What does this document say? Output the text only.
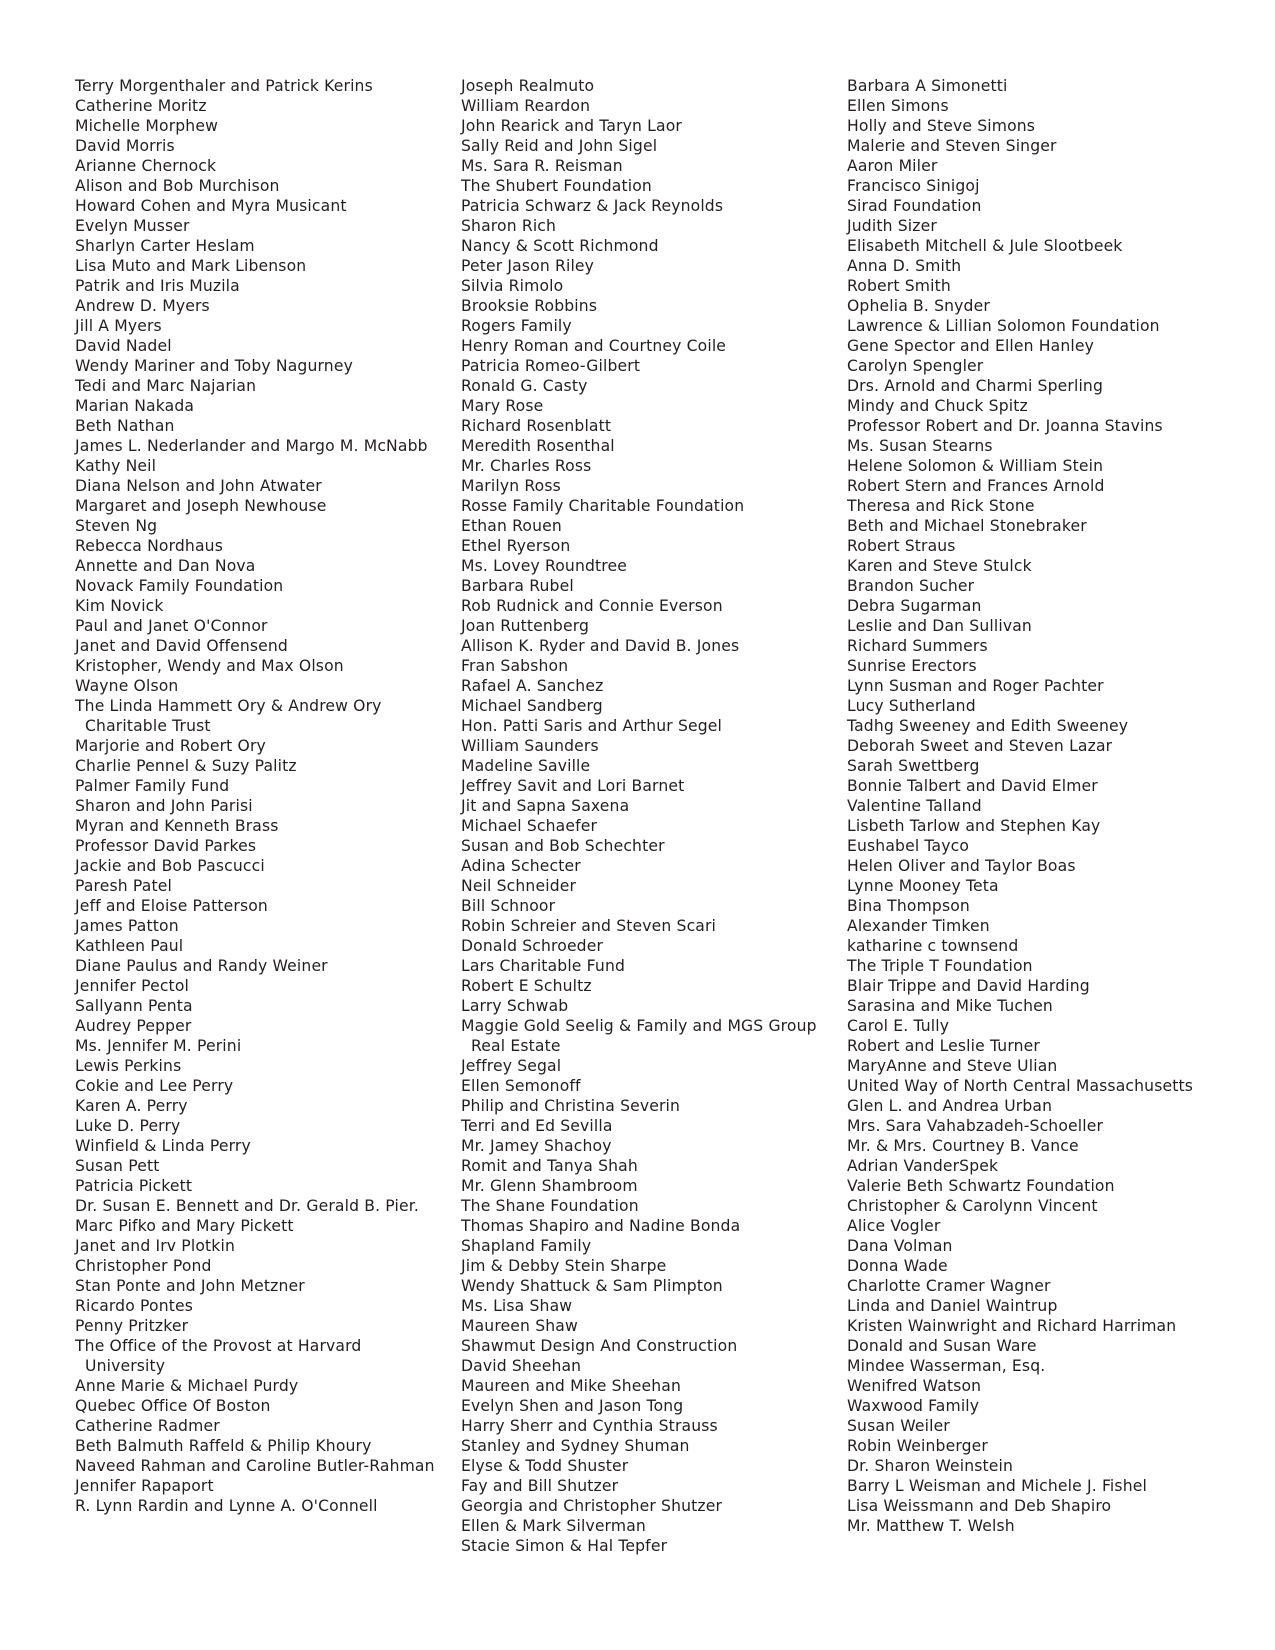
Terry Morgenthaler and Patrick Kerins
Catherine Moritz
Michelle Morphew
David Morris
Arianne Chernock
Alison and Bob Murchison
Howard Cohen and Myra Musicant
Evelyn Musser
Sharlyn Carter Heslam
Lisa Muto and Mark Libenson
Patrik and Iris Muzila
Andrew D. Myers
Jill A Myers
David Nadel
Wendy Mariner and Toby Nagurney
Tedi and Marc Najarian
Marian Nakada
Beth Nathan
James L. Nederlander and Margo M. McNabb
Kathy Neil
Diana Nelson and John Atwater
Margaret and Joseph Newhouse
Steven Ng
Rebecca Nordhaus
Annette and Dan Nova
Novack Family Foundation
Kim Novick
Paul and Janet O'Connor
Janet and David Offensend
Kristopher, Wendy and Max Olson
Wayne Olson
The Linda Hammett Ory & Andrew Ory Charitable Trust
Marjorie and Robert Ory
Charlie Pennel & Suzy Palitz
Palmer Family Fund
Sharon and John Parisi
Myran and Kenneth Brass
Professor David Parkes
Jackie and Bob Pascucci
Paresh Patel
Jeff and Eloise Patterson
James Patton
Kathleen Paul
Diane Paulus and Randy Weiner
Jennifer Pectol
Sallyann Penta
Audrey Pepper
Ms. Jennifer M. Perini
Lewis Perkins
Cokie and Lee Perry
Karen A. Perry
Luke D. Perry
Winfield & Linda Perry
Susan Pett
Patricia Pickett
Dr. Susan E. Bennett and Dr. Gerald B. Pier.
Marc Pifko and Mary Pickett
Janet and Irv Plotkin
Christopher Pond
Stan Ponte and John Metzner
Ricardo Pontes
Penny Pritzker
The Office of the Provost at Harvard University
Anne Marie & Michael Purdy
Quebec Office Of Boston
Catherine Radmer
Beth Balmuth Raffeld & Philip Khoury
Naveed Rahman and Caroline Butler-Rahman
Jennifer Rapaport
R. Lynn Rardin and Lynne A. O'Connell
Joseph Realmuto
William Reardon
John Rearick and Taryn Laor
Sally Reid and John Sigel
Ms. Sara R. Reisman
The Shubert Foundation
Patricia Schwarz & Jack Reynolds
Sharon Rich
Nancy & Scott Richmond
Peter Jason Riley
Silvia Rimolo
Brooksie Robbins
Rogers Family
Henry Roman and Courtney Coile
Patricia Romeo-Gilbert
Ronald G. Casty
Mary Rose
Richard Rosenblatt
Meredith Rosenthal
Mr. Charles Ross
Marilyn Ross
Rosse Family Charitable Foundation
Ethan Rouen
Ethel Ryerson
Ms. Lovey Roundtree
Barbara Rubel
Rob Rudnick and Connie Everson
Joan Ruttenberg
Allison K. Ryder and David B. Jones
Fran Sabshon
Rafael A. Sanchez
Michael Sandberg
Hon. Patti Saris and Arthur Segel
William Saunders
Madeline Saville
Jeffrey Savit and Lori Barnet
Jit and Sapna Saxena
Michael Schaefer
Susan and Bob Schechter
Adina Schecter
Neil Schneider
Bill Schnoor
Robin Schreier and Steven Scari
Donald Schroeder
Lars Charitable Fund
Robert E Schultz
Larry Schwab
Maggie Gold Seelig & Family and MGS Group Real Estate
Jeffrey Segal
Ellen Semonoff
Philip and Christina Severin
Terri and Ed Sevilla
Mr. Jamey Shachoy
Romit and Tanya Shah
Mr. Glenn Shambroom
The Shane Foundation
Thomas Shapiro and Nadine Bonda
Shapland Family
Jim & Debby Stein Sharpe
Wendy Shattuck & Sam Plimpton
Ms. Lisa Shaw
Maureen Shaw
Shawmut Design And Construction
David Sheehan
Maureen and Mike Sheehan
Evelyn Shen and Jason Tong
Harry Sherr and Cynthia Strauss
Stanley and Sydney Shuman
Elyse & Todd Shuster
Fay and Bill Shutzer
Georgia and Christopher Shutzer
Ellen & Mark Silverman
Stacie Simon & Hal Tepfer
Barbara A Simonetti
Ellen Simons
Holly and Steve Simons
Malerie and Steven Singer
Aaron Miler
Francisco Sinigoj
Sirad Foundation
Judith Sizer
Elisabeth Mitchell & Jule Slootbeek
Anna D. Smith
Robert Smith
Ophelia B. Snyder
Lawrence & Lillian Solomon Foundation
Gene Spector and Ellen Hanley
Carolyn Spengler
Drs. Arnold and Charmi Sperling
Mindy and Chuck Spitz
Professor Robert and Dr. Joanna Stavins
Ms. Susan Stearns
Helene Solomon & William Stein
Robert Stern and Frances Arnold
Theresa and Rick Stone
Beth and Michael Stonebraker
Robert Straus
Karen and Steve Stulck
Brandon Sucher
Debra Sugarman
Leslie and Dan Sullivan
Richard Summers
Sunrise Erectors
Lynn Susman and Roger Pachter
Lucy Sutherland
Tadhg Sweeney and Edith Sweeney
Deborah Sweet and Steven Lazar
Sarah Swettberg
Bonnie Talbert and David Elmer
Valentine Talland
Lisbeth Tarlow and Stephen Kay
Eushabel Tayco
Helen Oliver and Taylor Boas
Lynne Mooney Teta
Bina Thompson
Alexander Timken
katharine c townsend
The Triple T Foundation
Blair Trippe and David Harding
Sarasina and Mike Tuchen
Carol E. Tully
Robert and Leslie Turner
MaryAnne and Steve Ulian
United Way of North Central Massachusetts
Glen L. and Andrea Urban
Mrs. Sara Vahabzadeh-Schoeller
Mr. & Mrs. Courtney B. Vance
Adrian VanderSpek
Valerie Beth Schwartz Foundation
Christopher & Carolynn Vincent
Alice Vogler
Dana Volman
Donna Wade
Charlotte Cramer Wagner
Linda and Daniel Waintrup
Kristen Wainwright and Richard Harriman
Donald and Susan Ware
Mindee Wasserman, Esq.
Wenifred Watson
Waxwood Family
Susan Weiler
Robin Weinberger
Dr. Sharon Weinstein
Barry L Weisman and Michele J. Fishel
Lisa Weissmann and Deb Shapiro
Mr. Matthew T. Welsh
